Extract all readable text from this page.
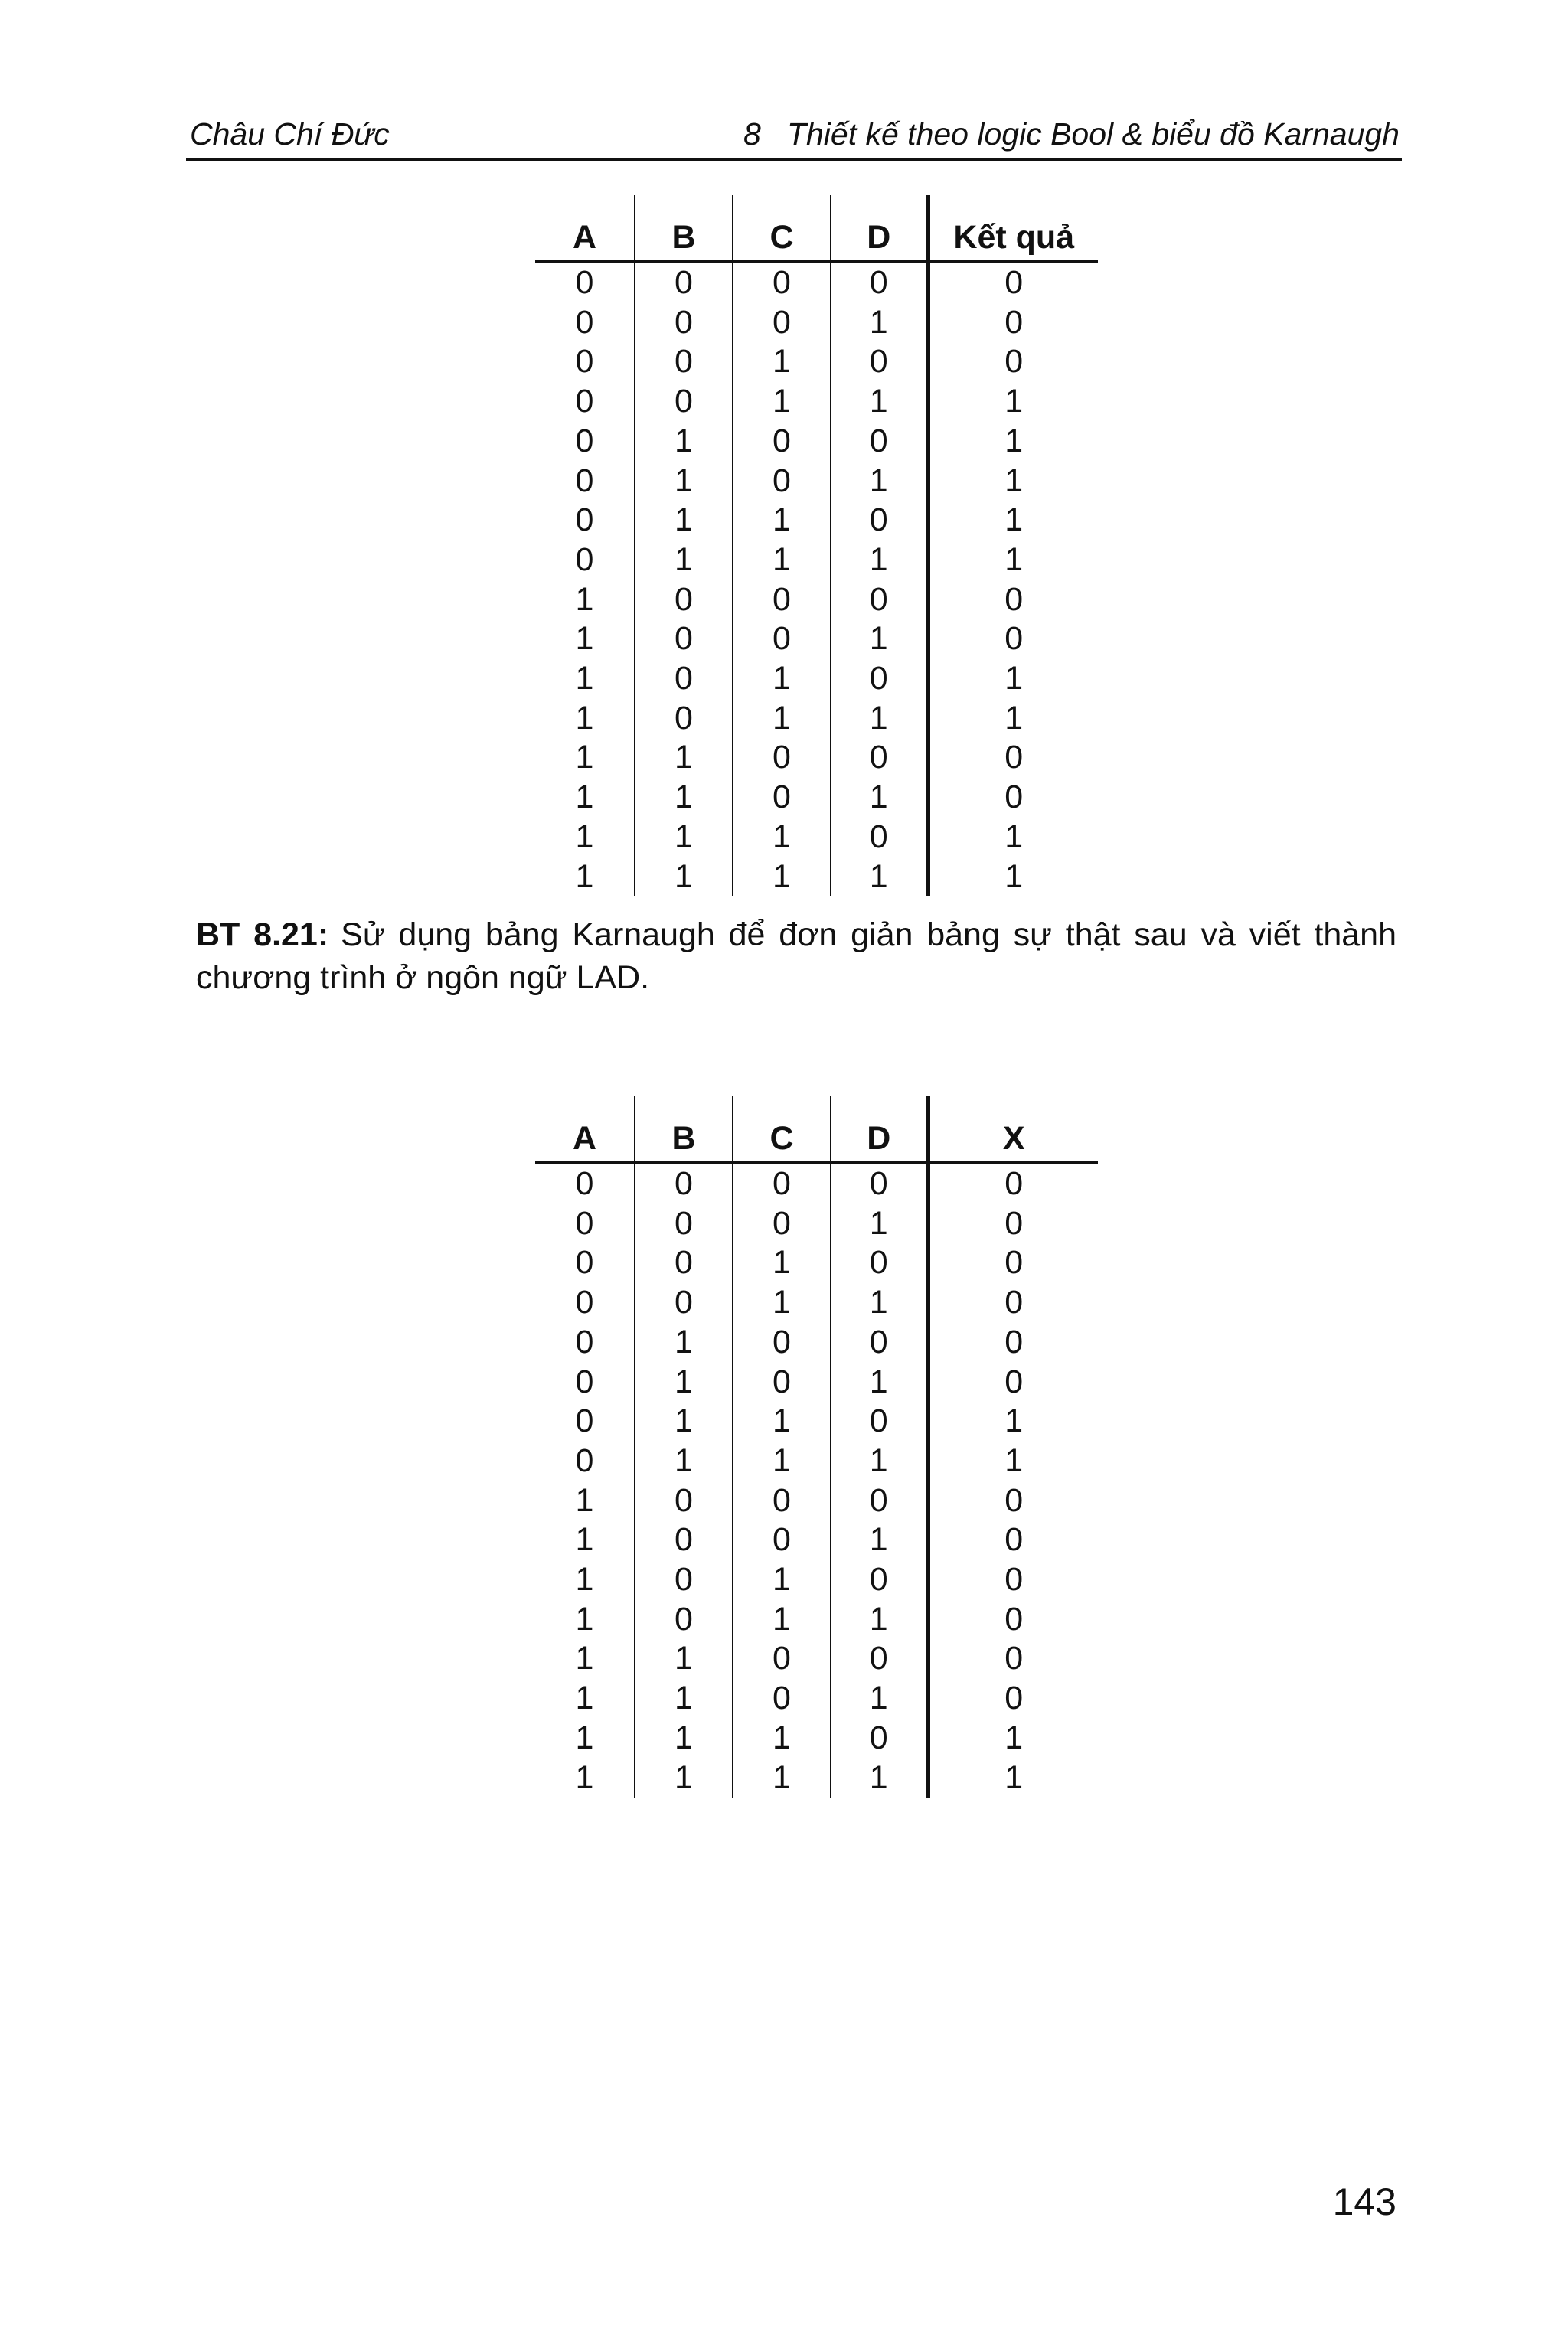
Châu Chí Đức	8   Thiết kế theo logic Bool & biểu đồ Karnaugh
A	B	C	D	Kết quả
0	0	0	0	0
0	0	0	1	0
0	0	1	0	0
0	0	1	1	1
0	1	0	0	1
0	1	0	1	1
0	1	1	0	1
0	1	1	1	1
1	0	0	0	0
1	0	0	1	0
1	0	1	0	1
1	0	1	1	1
1	1	0	0	0
1	1	0	1	0
1	1	1	0	1
1	1	1	1	1
BT 8.21: Sử dụng bảng Karnaugh để đơn giản bảng sự thật sau và viết thành chương trình ở ngôn ngữ LAD.
A	B	C	D	X
0	0	0	0	0
0	0	0	1	0
0	0	1	0	0
0	0	1	1	0
0	1	0	0	0
0	1	0	1	0
0	1	1	0	1
0	1	1	1	1
1	0	0	0	0
1	0	0	1	0
1	0	1	0	0
1	0	1	1	0
1	1	0	0	0
1	1	0	1	0
1	1	1	0	1
1	1	1	1	1
143
